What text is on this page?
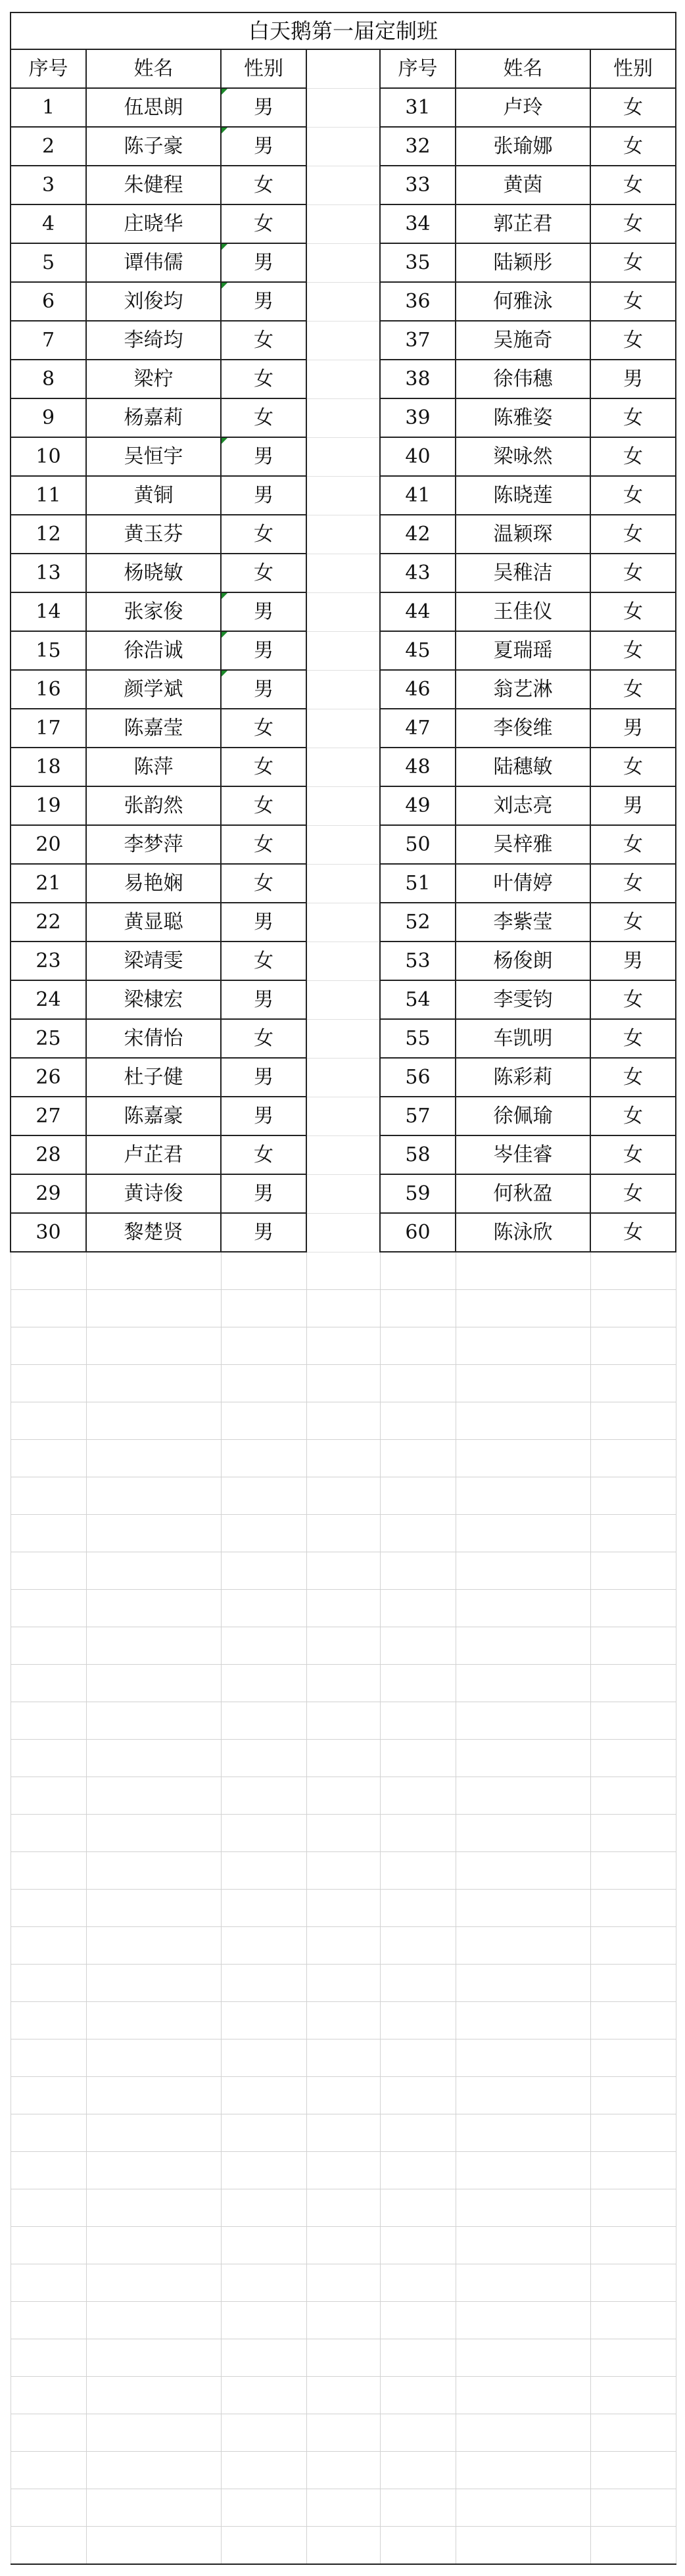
白天鹅第一届定制班						
序号	姓名	性别		序号	姓名	性别
1	伍思朗	男		31	卢玲	女
2	陈子豪	男		32	张瑜娜	女
3	朱健程	女		33	黄茵	女
4	庄晓华	女		34	郭芷君	女
5	谭伟儒	男		35	陆颖彤	女
6	刘俊均	男		36	何雅泳	女
7	李绮均	女		37	吴施奇	女
8	梁柠	女		38	徐伟穗	男
9	杨嘉莉	女		39	陈雅姿	女
10	吴恒宇	男		40	梁咏然	女
11	黄铜	男		41	陈晓莲	女
12	黄玉芬	女		42	温颖琛	女
13	杨晓敏	女		43	吴稚洁	女
14	张家俊	男		44	王佳仪	女
15	徐浩诚	男		45	夏瑞瑶	女
16	颜学斌	男		46	翁艺淋	女
17	陈嘉莹	女		47	李俊维	男
18	陈萍	女		48	陆穗敏	女
19	张韵然	女		49	刘志亮	男
20	李梦萍	女		50	吴梓雅	女
21	易艳娴	女		51	叶倩婷	女
22	黄显聪	男		52	李紫莹	女
23	梁靖雯	女		53	杨俊朗	男
24	梁棣宏	男		54	李雯钧	女
25	宋倩怡	女		55	车凯明	女
26	杜子健	男		56	陈彩莉	女
27	陈嘉豪	男		57	徐佩瑜	女
28	卢芷君	女		58	岑佳睿	女
29	黄诗俊	男		59	何秋盈	女
30	黎楚贤	男		60	陈泳欣	女
